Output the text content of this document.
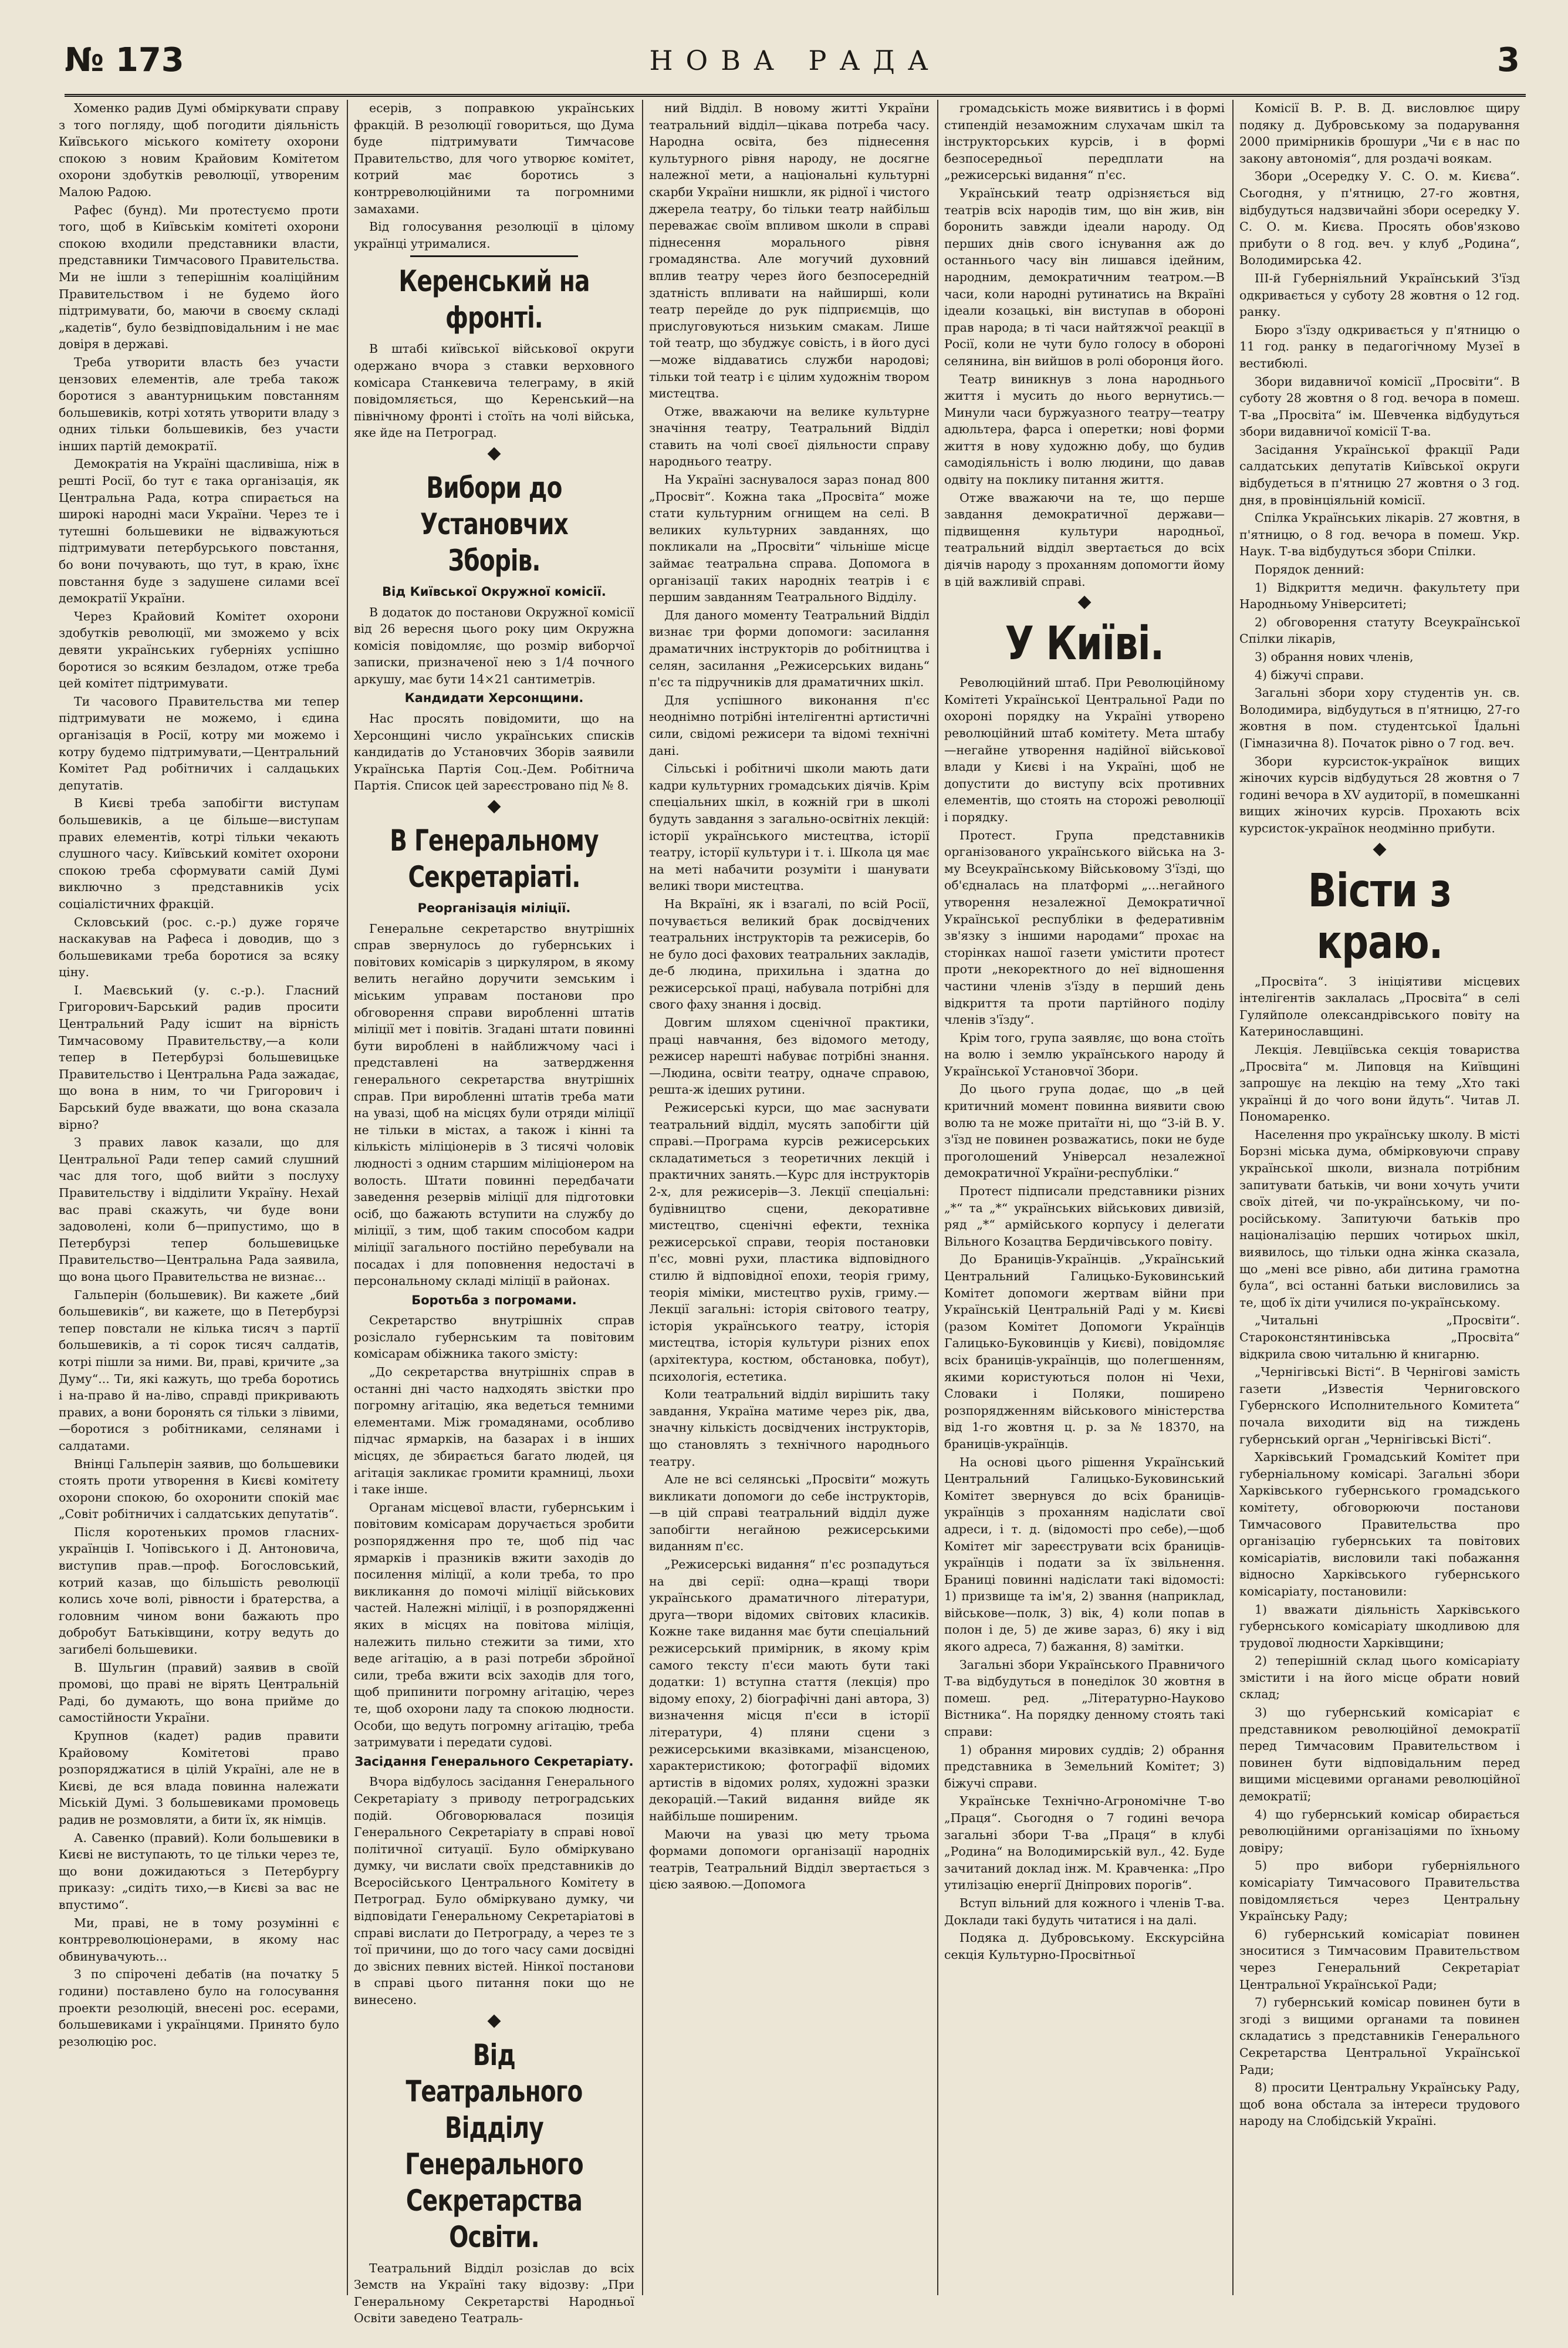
№ 173	НОВА РАДА	3

Хоменко радив Думі обміркувати справу з того погляду, щоб погодити діяльність Київського міського комітету охорони спокою з новим Крайовим Комітетом охорони здобутків революції, утвореним Малою Радою.

Рафес (бунд). Ми протестуємо проти того, щоб в Київськім комітеті охорони спокою входили представники власти, представники Тимчасового Правительства. Ми не ішли з теперішнім коаліційним Правительством і не будемо його підтримувати, бо, маючи в своєму складі „кадетів“, було безвідповідальним і не має довіря в державі.

Треба утворити власть без участи цензових елементів, але треба також боротися з авантурницьким повстанням большевиків, котрі хотять утворити владу з одних тільки большевиків, без участи інших партій демократії.

Демократія на Україні щасливіша, ніж в решті Росії, бо тут є така організація, як Центральна Рада, котра спирається на широкі народні маси України. Через те і тутешні большевики не відважуються підтримувати петербурського повстання, бо вони почувають, що тут, в краю, їхнє повстання буде з задушене силами всеї демократії України.

Через Крайовий Комітет охорони здобутків революції, ми зможемо у всіх девяти українських губерніях успішно боротися зо всяким безладом, отже треба цей комітет підтримувати.

Ти часового Правительства ми тепер підтримувати не можемо, і єдина організація в Росії, котру ми можемо і котру будемо підтримувати,—Центральний Комітет Рад робітничих і салдацьких депутатів.

В Києві треба запобігти виступам большевиків, а це більше—виступам правих елементів, котрі тільки чекають слушного часу. Київський комітет охорони спокою треба сформувати самій Думі виключно з представників усіх соціалістичних фракцій.

Скловський (рос. с.-р.) дуже горяче наскакував на Рафеса і доводив, що з большевиками треба боротися за всяку ціну.

І. Маєвський (у. с.-р.). Гласний Григорович-Барський радив просити Центральний Раду ісшит на вірність Тимчасовому Правительству,—а коли тепер в Петербурзі большевицьке Правительство і Центральна Рада зажадає, що вона в ним, то чи Григорович і Барський буде вважати, що вона сказала вірно?

З правих лавок казали, що для Центральної Ради тепер самий слушний час для того, щоб вийти з послуху Правительству і відділити Україну. Нехай вас праві скажуть, чи буде вони задоволені, коли б—припустимо, що в Петербурзі тепер большевицьке Правительство—Центральна Рада заявила, що вона цього Правительства не визнає...

Гальперін (большевик). Ви кажете „бий большевиків“, ви кажете, що в Петербурзі тепер повстали не кілька тисяч з партії большевиків, а ті сорок тисяч салдатів, котрі пішли за ними. Ви, праві, кричите „за Думу“... Ти, які кажуть, що треба боротись і на-право й на-ліво, справді прикривають правих, а вони боронять ся тільки з лівими,—боротися з робітниками, селянами і салдатами.

Внінці Гальперін заявив, що большевики стоять проти утворення в Києві комітету охорони спокою, бо охоронити спокій має „Совіт робітничих і салдатських депутатів“.

Після коротеньких промов гласних-українців І. Чопівського і Д. Антоновича, виступив прав.—проф. Богословський, котрий казав, що більшість революції колись хоче волі, рівности і братерства, а головним чином вони бажають про добробут Батьківщини, котру ведуть до загибелі большевики.

В. Шульгин (правий) заявив в своїй промові, що праві не вірять Центральній Раді, бо думають, що вона прийме до самостійности України.

Крупнов (кадет) радив правити Крайовому Комітетові право розпоряджатися в цілій Україні, але не в Києві, де вся влада повинна належати Міській Думі. З большевиками промовець радив не розмовляти, а бити їх, як німців.

А. Савенко (правий). Коли большевики в Києві не виступають, то це тільки через те, що вони дожидаються з Петербургу приказу: „сидіть тихо,—в Києві за вас не впустимо“.

Ми, праві, не в тому розумінні є контрреволюціонерами, в якому нас обвинувачують...

З по спірочені дебатів (на початку 5 години) поставлено було на голосування проекти резолюцій, внесені рос. есерами, большевиками і українцями. Принято було резолюцію рос.

есерів, з поправкою українських фракцій. В резолюції говориться, що Дума буде підтримувати Тимчасове Правительство, для чого утворює комітет, котрий має боротись з контрреволюційними та погромними замахами.

Від голосування резолюції в цілому українці утрималися.

Керенський на фронті.

В штабі київської військової округи одержано вчора з ставки верховного комісара Станкевича телеграму, в якій повідомляється, що Керенський—на північному фронті і стоїть на чолі війська, яке йде на Петроград.

◆
Вибори до Установчих Зборів.
Від Київської Окружної комісії.

В додаток до постанови Окружної комісії від 26 вересня цього року цим Окружна комісія повідомляє, що розмір виборчої записки, призначеної нею з 1/4 почного аркушу, має бути 14×21 сантиметрів.

Кандидати Херсонщини.

Нас просять повідомити, що на Херсонщині число українських списків кандидатів до Установчих Зборів заявили Українська Партія Соц.-Дем. Робітнича Партія. Список цей зареєстровано під № 8.

◆
В Генеральному Секретаріаті.
Реорганізація міліції.

Генеральне секретарство внутрішніх справ звернулось до губернських і повітових комісарів з циркуляром, в якому велить негайно доручити земським і міським управам постанови про обговорення справи виробленні штатів міліції мет і повітів. Згадані штати повинні бути вироблені в найближчому часі і представлені на затвердження генерального секретарства внутрішніх справ. При виробленні штатів треба мати на увазі, щоб на місцях були отряди міліції не тільки в містах, а також і кінні та кількість міліціонерів в 3 тисячі чоловік людності з одним старшим міліціонером на волость. Штати повинні передбачати заведення резервів міліції для підготовки осіб, що бажають вступити на службу до міліції, з тим, щоб таким способом кадри міліції загального постійно перебували на посадах і для поповнення недостачі в персональному складі міліції в районах.

Боротьба з погромами.

Секретарство внутрішніх справ розіслало губернським та повітовим комісарам обіжника такого змісту:

„До секретарства внутрішніх справ в останні дні часто надходять звістки про погромну агітацію, яка ведеться темними елементами. Між громадянами, особливо підчас ярмарків, на базарах і в інших місцях, де збирається багато людей, ця агітація закликає громити крамниці, льохи і таке інше.

Органам місцевої власти, губернським і повітовим комісарам доручається зробити розпорядження про те, щоб під час ярмарків і празників вжити заходів до посилення міліції, а коли треба, то про викликання до помочі міліції військових частей. Належні міліції, і в розпорядженні яких в місцях на повітова міліція, належить пильно стежити за тими, хто веде агітацію, а в разі потреби збройної сили, треба вжити всіх заходів для того, щоб припинити погромну агітацію, через те, щоб охорони ладу та спокою людности. Особи, що ведуть погромну агітацію, треба затримувати і передати судові.

Засідання Генерального Секретаріату.

Вчора відбулось засідання Генерального Секретаріату з приводу петроградських подій. Обговорювалася позиція Генерального Секретаріату в справі нової політичної ситуації. Було обміркувано думку, чи вислати своїх представників до Всеросійського Центрального Комітету в Петроград. Було обміркувано думку, чи відповідати Генеральному Секретаріатові в справі вислати до Петрограду, а через те з тої причини, що до того часу сами досвідні до звісних певних вістей. Нінкої постанови в справі цього питання поки що не винесено.

◆
Від Театрального Відділу Генерального Секретарства Освіти.

Театральний Відділ розіслав до всіх Земств на Україні таку відозву: „При Генеральному Секретарстві Народньої Освіти заведено Театраль-

ний Відділ. В новому житті України театральний відділ—цікава потреба часу. Народна освіта, без піднесення культурного рівня народу, не досягне належної мети, а національні культурні скарби України нишкли, як рідної і чистого джерела театру, бо тільки театр найбільш переважає своїм впливом школи в справі піднесення морального рівня громадянства. Але могучий духовний вплив театру через його безпосередній здатність впливати на найширші, коли театр перейде до рук підприємців, що прислуговуються низьким смакам. Лише той театр, що збуджує совість, і в його дусі—може віддаватись служби народові; тільки той театр і є цілим художнім твором мистецтва.

Отже, вважаючи на велике культурне значіння театру, Театральний Відділ ставить на чолі своєї діяльности справу народнього театру.

На Україні заснувалося зараз понад 800 „Просвіт“. Кожна така „Просвіта“ може стати культурним огнищем на селі. В великих культурних завданнях, що покликали на „Просвіти“ чільніше місце займає театральна справа. Допомога в організації таких народніх театрів і є першим завданням Театрального Відділу.

Для даного моменту Театральний Відділ визнає три форми допомоги: засилання драматичних інструкторів до робітництва і селян, засилання „Режисерських видань“ п'єс та підручників для драматичних шкіл.

Для успішного виконання п'єс неоднімно потрібні інтелігентні артистичні сили, свідомі режисери та відомі технічні дані.

Сільські і робітничі школи мають дати кадри культурних громадських діячів. Крім спеціальних шкіл, в кожній гри в школі будуть завдання з загально-освітніх лекцій: історії українського мистецтва, історії театру, історії культури і т. і. Школа ця має на меті набачити розуміти і шанувати великі твори мистецтва.

На Вкраїні, як і взагалі, по всій Росії, почувається великий брак досвідчених театральних інструкторів та режисерів, бо не було досі фахових театральних закладів, де-б людина, прихильна і здатна до режисерської праці, набувала потрібні для свого фаху знання і досвід.

Довгим шляхом сценічної практики, праці навчання, без відомого методу, режисер нарешті набуває потрібні знання.—Людина, освіти театру, одначе справою, решта-ж ідеших рутини.

Режисерські курси, що має заснувати театральний відділ, мусять запобігти цій справі.—Програма курсів режисерських складатиметься з теоретичних лекцій і практичних занять.—Курс для інструкторів 2-х, для режисерів—3. Лекції спеціальні: будівництво сцени, декоративне мистецтво, сценічні ефекти, техніка режисерської справи, теорія постановки п'єс, мовні рухи, пластика відповідного стилю й відповідної епохи, теорія гриму, теорія міміки, мистецтво рухів, гриму.—Лекції загальні: історія світового театру, історія українського театру, історія мистецтва, історія культури різних епох (архітектура, костюм, обстановка, побут), психологія, естетика.

Коли театральний відділ вирішить таку завдання, Україна матиме через рік, два, значну кількість досвідчених інструкторів, що становлять з технічного народнього театру.

Але не всі селянські „Просвіти“ можуть викликати допомоги до себе інструкторів,—в цій справі театральний відділ дуже запобігти негайною режисерськими виданням п'єс.

„Режисерські видання“ п'єс розпадуться на дві серії: одна—кращі твори українського драматичного літератури, друга—твори відомих світових класиків. Кожне таке видання має бути спеціальний режисерський примірник, в якому крім самого тексту п'єси мають бути такі додатки: 1) вступна стаття (лекція) про відому епоху, 2) біографічні дані автора, 3) визначення місця п'єси в історії літератури, 4) пляни сцени з режисерськими вказівками, мізансценою, характеристикою; фотографії відомих артистів в відомих ролях, художні зразки декорацій.—Такий видання вийде як найбільше поширеним.

Маючи на увазі цю мету трьома формами допомоги організації народніх театрів, Театральний Відділ звертається з цією заявою.—Допомога

громадськість може виявитись і в формі стипендій незаможним слухачам шкіл та інструкторських курсів, і в формі безпосередньої передплати на „режисерські видання“ п'єс.

Український театр одрізняється від театрів всіх народів тим, що він жив, він боронить завжди ідеали народу. Од перших днів свого існування аж до останнього часу він лишався ідейним, народним, демократичним театром.—В часи, коли народні рутинатись на Вкраїні ідеали козацькі, він виступав в обороні прав народа; в ті часи найтяжчої реакції в Росії, коли не чути було голосу в обороні селянина, він вийшов в ролі оборонця його.

Театр виникнув з лона народнього життя і мусить до нього вернутись.—Минули часи буржуазного театру—театру адюльтера, фарса і оперетки; нові форми життя в нову художню добу, що будив самодіяльність і волю людини, що давав одвіту на поклику питання життя.

Отже вважаючи на те, що перше завдання демократичної держави—підвищення культури народньої, театральний відділ звертається до всіх діячів народу з проханням допомогти йому в цій важливій справі.

◆
У Київі.

Революційний штаб. При Революційному Комітеті Української Центральної Ради по охороні порядку на Україні утворено революційний штаб комітету. Мета штабу—негайне утворення надійної військової влади у Києві і на Україні, щоб не допустити до виступу всіх противних елементів, що стоять на сторожі революції і порядку.

Протест. Група представників організованого українського війська на 3-му Всеукраїнському Військовому З'їзді, що об'єдналась на платформі „...негайного утворення незалежної Демократичної Української республіки в федеративнім зв'язку з іншими народами“ прохає на сторінках нашої газети умістити протест проти „некоректного до неї відношення частини членів з'їзду в перший день відкриття та проти партійного поділу членів з'їзду“.

Крім того, група заявляє, що вона стоїть на волю і землю українського народу й Української Установчої Збори.

До цього група додає, що „в цей критичний момент повинна виявити свою волю та не може притаїти ні, що “3-ій В. У. з'їзд не повинен розважатись, поки не буде проголошений Універсал незалежної демократичної України-республіки.“

Протест підписали представники різних „*“ та „*“ українських військових дивизій, ряд „*“ армійського корпусу і делегати Вільного Козацтва Бердичівського повіту.

До Браниців-Українців. „Український Центральний Галицько-Буковинський Комітет допомоги жертвам війни при Українській Центральній Раді у м. Києві (разом Комітет Допомоги Українців Галицько-Буковинців у Києві), повідомляє всіх браниців-українців, що полегшенням, якими користуються полон ні Чехи, Словаки і Поляки, поширено розпорядженням військового міністерства від 1-го жовтня ц. р. за № 18370, на браниців-українців.

На основі цього рішення Український Центральний Галицько-Буковинський Комітет звернувся до всіх браниців-українців з проханням надіслати свої адреси, і т. д. (відомості про себе),—щоб Комітет міг зареєструвати всіх браниців-українців і подати за їх звільнення. Браниці повинні надіслати такі відомості: 1) призвище та ім'я, 2) звання (наприклад, військове—полк, 3) вік, 4) коли попав в полон і де, 5) де живе зараз, 6) яку і від якого адреса, 7) бажання, 8) замітки.

Загальні збори Українського Правничого Т-ва відбудуться в понеділок 30 жовтня в помеш. ред. „Літературно-Науково Вістника“. На порядку денному стоять такі справи:

1) обрання мирових суддів; 2) обрання представника в Земельний Комітет; 3) біжучі справи.

Українське Технічно-Агрономічне Т-во „Праця“. Сьогодня о 7 годині вечора загальні збори Т-ва „Праця“ в клубі „Родина“ на Володимирській вул., 42. Буде зачитаний доклад інж. М. Кравченка: „Про утилізацію енергії Дніпрових порогів“.

Вступ вільний для кожного і членів Т-ва. Доклади такі будуть читатися і на далі.

Подяка д. Дубровському. Екскурсійна секція Культурно-Просвітньої

Комісії В. Р. В. Д. висловлює щиру подяку д. Дубровському за подарування 2000 примірників брошури „Чи є в нас по закону автономія“, для роздачі воякам.

Збори „Осередку У. С. О. м. Києва“. Сьогодня, у п'ятницю, 27-го жовтня, відбудуться надзвичайні збори осередку У. С. О. м. Києва. Просять обов'язково прибути о 8 год. веч. у клуб „Родина“, Володимирська 42.

III-й Губерніяльний Український З'їзд одкривається у суботу 28 жовтня о 12 год. ранку.

Бюро з'їзду одкривається у п'ятницю о 11 год. ранку в педагогічному Музеї в вестибюлі.

Збори видавничої комісії „Просвіти“. В суботу 28 жовтня о 8 год. вечора в помеш. Т-ва „Просвіта“ ім. Шевченка відбудуться збори видавничої комісії Т-ва.

Засідання Української фракції Ради салдатських депутатів Київської округи відбудеться в п'ятницю 27 жовтня о 3 год. дня, в провінціяльній комісії.

Спілка Українських лікарів. 27 жовтня, в п'ятницю, о 8 год. вечора в помеш. Укр. Наук. Т-ва відбудуться збори Спілки.

Порядок денний:

1) Відкриття медичн. факультету при Народньому Університеті;

2) обговорення статуту Всеукраїнської Спілки лікарів,

3) обрання нових членів,

4) біжучі справи.

Загальні збори хору студентів ун. св. Володимира, відбудуться в п'ятницю, 27-го жовтня в пом. студентської Їдальні (Гімназична 8). Початок рівно о 7 год. веч.

Збори курсисток-українок вищих жіночих курсів відбудуться 28 жовтня о 7 годині вечора в XV аудиторії, в помешканні вищих жіночих курсів. Прохають всіх курсисток-українок неодмінно прибути.

◆
Вісти з краю.

„Просвіта“. З ініціятиви місцевих інтелігентів заклалась „Просвіта“ в селі Гуляйполе олександрівського повіту на Катеринославщині.

Лекція. Левціївська секція товариства „Просвіта“ м. Липовця на Київщині запрошує на лекцію на тему „Хто такі українці й до чого вони йдуть“. Читав Л. Пономаренко.

Населення про українську школу. В місті Борзні міська дума, обмірковуючи справу української школи, визнала потрібним запитувати батьків, чи вони хочуть учити своїх дітей, чи по-українському, чи по-російському. Запитуючи батьків про націоналізацію перших чотирьох шкіл, виявилось, що тільки одна жінка сказала, що „мені все рівно, аби дитина грамотна була“, всі останні батьки висловились за те, щоб їх діти училися по-українському.

„Читальні „Просвіти“. Староконстянтинівська „Просвіта“ відкрила свою читальню й книгарню.

„Чернігівські Вісті“. В Чернігові замість газети „Известія Черниговского Губернского Исполнительного Комитета“ почала виходити від на тиждень губернський орган „Чернігівські Вісті“.

Харківський Громадський Комітет при губерніальному комісарі. Загальні збори Харківського губернського громадського комітету, обговорюючи постанови Тимчасового Правительства про організацію губернських та повітових комісаріатів, висловили такі побажання відносно Харківського губернського комісаріату, постановили:

1) вважати діяльність Харківського губернського комісаріату шкодливою для трудової людности Харківщини;

2) теперішній склад цього комісаріату змістити і на його місце обрати новий склад;

3) що губернський комісаріат є представником революційної демократії перед Тимчасовим Правительством і повинен бути відповідальним перед вищими місцевими органами революційної демократії;

4) що губернський комісар обирається революційними організаціями по їхньому довіру;

5) про вибори губерніяльного комісаріату Тимчасового Правительства повідомляється через Центральну Українську Раду;

6) губернський комісаріат повинен зноситися з Тимчасовим Правительством через Генеральний Секретаріат Центральної Української Ради;

7) губернський комісар повинен бути в згоді з вищими органами та повинен складатись з представників Генерального Секретарства Центральної Української Ради;

8) просити Центральну Українську Раду, щоб вона обстала за інтереси трудового народу на Слобідській Україні.
